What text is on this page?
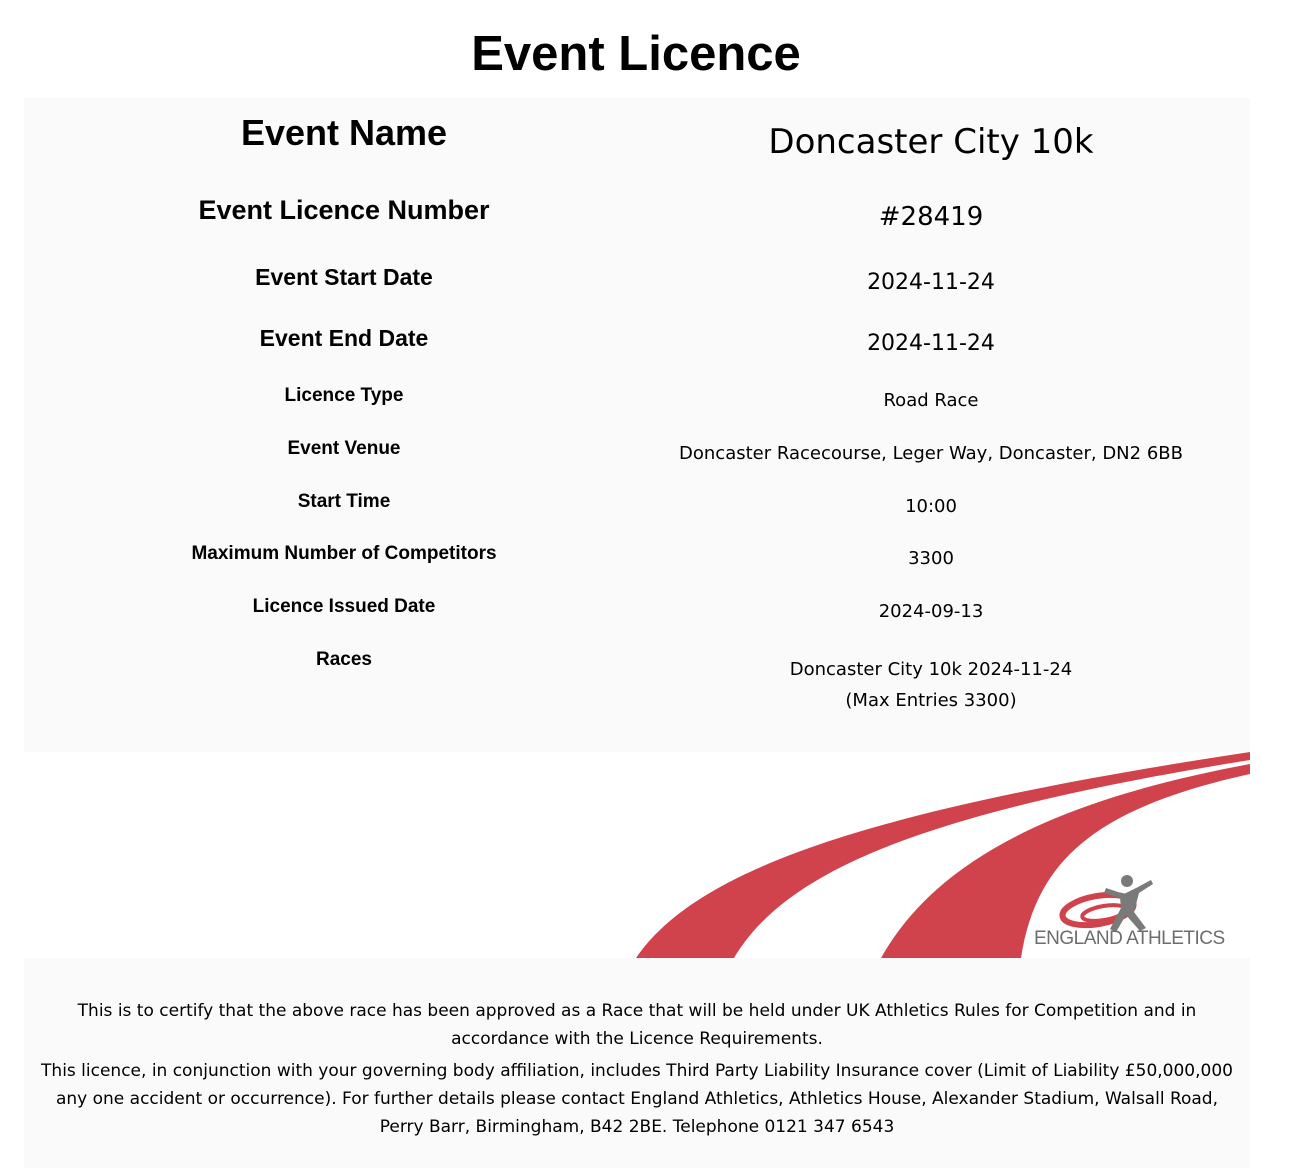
Event Licence
Event Name	Doncaster City 10k
Event Licence Number	#28419
Event Start Date	2024-11-24
Event End Date	2024-11-24
Licence Type	Road Race
Event Venue	Doncaster Racecourse, Leger Way, Doncaster, DN2 6BB
Start Time	10:00
Maximum Number of Competitors	3300
Licence Issued Date	2024-09-13
Races	Doncaster City 10k 2024-11-24
(Max Entries 3300)
ENGLAND ATHLETICS

This is to certify that the above race has been approved as a Race that will be held under UK Athletics Rules for Competition and in accordance with the Licence Requirements.

This licence, in conjunction with your governing body affiliation, includes Third Party Liability Insurance cover (Limit of Liability £50,000,000 any one accident or occurrence). For further details please contact England Athletics, Athletics House, Alexander Stadium, Walsall Road, Perry Barr, Birmingham, B42 2BE. Telephone 0121 347 6543
